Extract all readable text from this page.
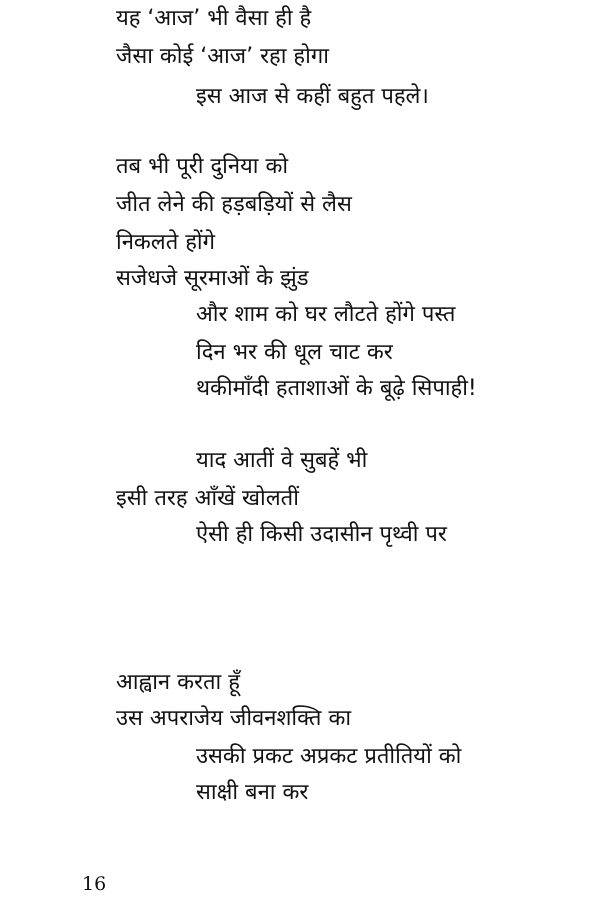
यह ‘आज’ भी वैसा ही है
जैसा कोई ‘आज’ रहा होगा
इस आज से कहीं बहुत पहले।
तब भी पूरी दुनिया को
जीत लेने की हड़बड़ियों से लैस
निकलते होंगे
सजेधजे सूरमाओं के झुंड
और शाम को घर लौटते होंगे पस्त
दिन भर की धूल चाट कर
थकीमाँदी हताशाओं के बूढ़े सिपाही!
याद आतीं वे सुबहें भी
इसी तरह आँखें खोलतीं
ऐसी ही किसी उदासीन पृथ्वी पर
आह्वान करता हूँ
उस अपराजेय जीवनशक्ति का
उसकी प्रकट अप्रकट प्रतीतियों को
साक्षी बना कर
16
